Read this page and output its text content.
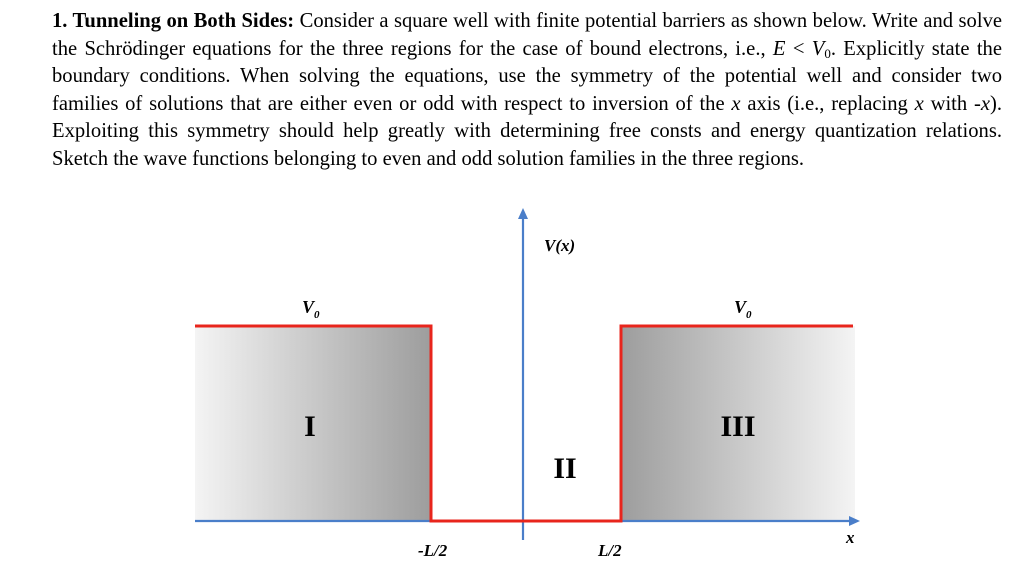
1. Tunneling on Both Sides: Consider a square well with finite potential barriers as shown below. Write and solve the Schrödinger equations for the three regions for the case of bound electrons, i.e., $E < V_0$. Explicitly state the boundary conditions. When solving the equations, use the symmetry of the potential well and consider two families of solutions that are either even or odd with respect to inversion of the x axis (i.e., replacing x with -x). Exploiting this symmetry should help greatly with determining free consts and energy quantization relations. Sketch the wave functions belonging to even and odd solution families in the three regions.
V(x)
x
$V_0$	$V_0$
I
II
III
-L/2	L/2
